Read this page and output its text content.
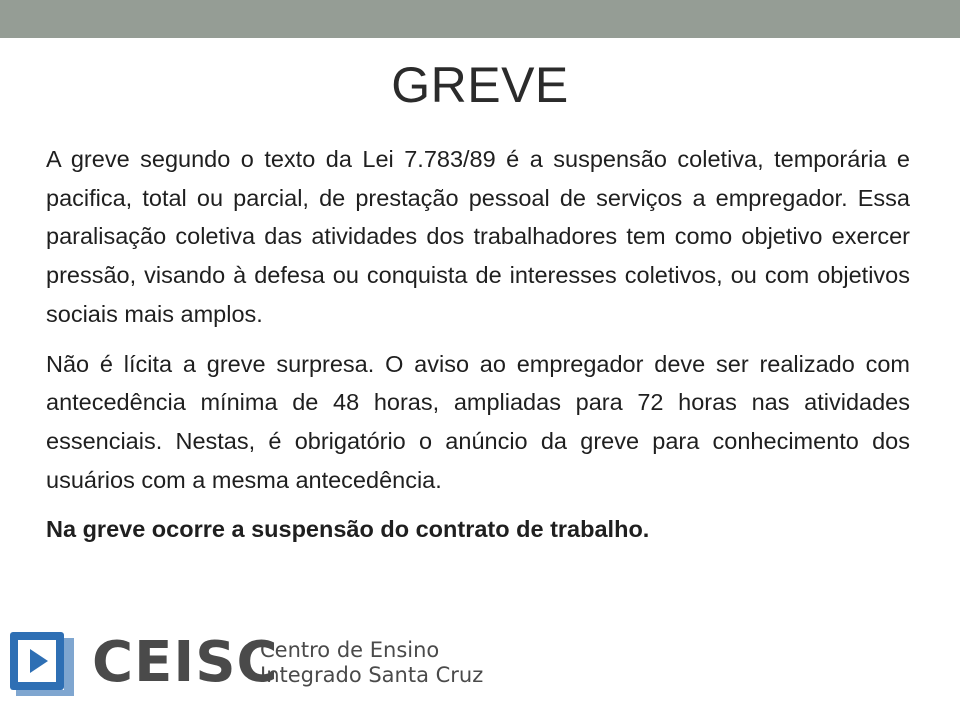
GREVE

A greve segundo o texto da Lei 7.783/89 é a suspensão coletiva, temporária e pacifica, total ou parcial, de prestação pessoal de serviços a empregador. Essa paralisação coletiva das atividades dos trabalhadores tem como objetivo exercer pressão, visando à defesa ou conquista de interesses coletivos, ou com objetivos sociais mais amplos.

Não é lícita a greve surpresa. O aviso ao empregador deve ser realizado com antecedência mínima de 48 horas, ampliadas para 72 horas nas atividades essenciais. Nestas, é obrigatório o anúncio da greve para conhecimento dos usuários com a mesma antecedência.

Na greve ocorre a suspensão do contrato de trabalho.

CEISC
Centro de Ensino
Integrado Santa Cruz
